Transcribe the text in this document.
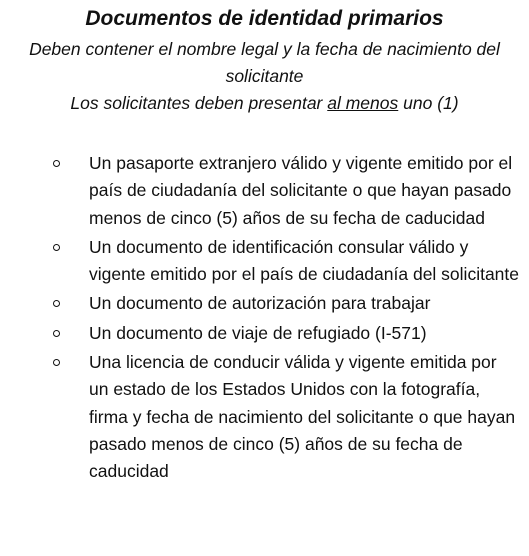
Documentos de identidad primarios
Deben contener el nombre legal y la fecha de nacimiento del solicitante
Los solicitantes deben presentar al menos uno (1)
Un pasaporte extranjero válido y vigente emitido por el país de ciudadanía del solicitante o que hayan pasado menos de cinco (5) años de su fecha de caducidad
Un documento de identificación consular válido y vigente emitido por el país de ciudadanía del solicitante
Un documento de autorización para trabajar
Un documento de viaje de refugiado (I-571)
Una licencia de conducir válida y vigente emitida por un estado de los Estados Unidos con la fotografía, firma y fecha de nacimiento del solicitante o que hayan pasado menos de cinco (5) años de su fecha de caducidad
